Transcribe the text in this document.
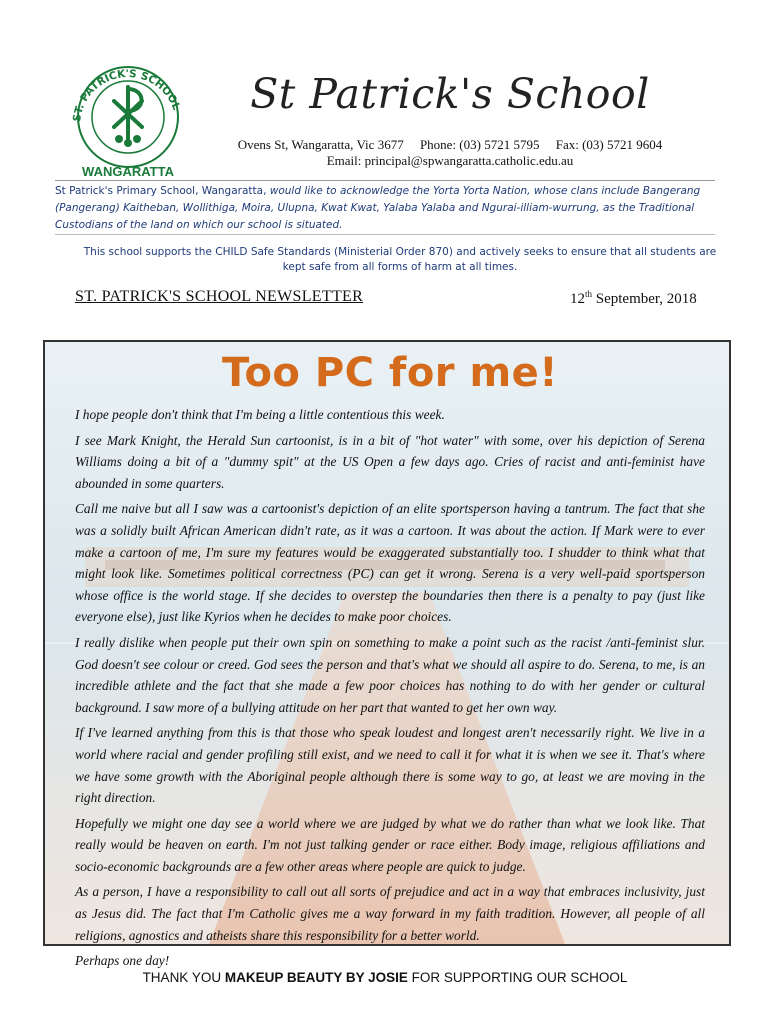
ST. PATRICK'S SCHOOL
WANGARATTA
St Patrick's School
Ovens St, Wangaratta, Vic 3677     Phone: (03) 5721 5795     Fax: (03) 5721 9604
Email: principal@spwangaratta.catholic.edu.au
St Patrick's Primary School, Wangaratta, would like to acknowledge the Yorta Yorta Nation, whose clans include Bangerang (Pangerang) Kaitheban, Wollithiga, Moira, Ulupna, Kwat Kwat, Yalaba Yalaba and Ngurai-illiam-wurrung, as the Traditional Custodians of the land on which our school is situated.
This school supports the CHILD Safe Standards (Ministerial Order 870) and actively seeks to ensure that all students are kept safe from all forms of harm at all times.
ST. PATRICK'S SCHOOL NEWSLETTER	12th September, 2018
Too PC for me!

I hope people don't think that I'm being a little contentious this week.

I see Mark Knight, the Herald Sun cartoonist, is in a bit of "hot water" with some, over his depiction of Serena Williams doing a bit of a "dummy spit" at the US Open a few days ago. Cries of racist and anti-feminist have abounded in some quarters.

Call me naive but all I saw was a cartoonist's depiction of an elite sportsperson having a tantrum. The fact that she was a solidly built African American didn't rate, as it was a cartoon. It was about the action. If Mark were to ever make a cartoon of me, I'm sure my features would be exaggerated substantially too. I shudder to think what that might look like. Sometimes political correctness (PC) can get it wrong. Serena is a very well-paid sportsperson whose office is the world stage. If she decides to overstep the boundaries then there is a penalty to pay (just like everyone else), just like Kyrios when he decides to make poor choices.

I really dislike when people put their own spin on something to make a point such as the racist /anti-feminist slur. God doesn't see colour or creed. God sees the person and that's what we should all aspire to do. Serena, to me, is an incredible athlete and the fact that she made a few poor choices has nothing to do with her gender or cultural background. I saw more of a bullying attitude on her part that wanted to get her own way.

If I've learned anything from this is that those who speak loudest and longest aren't necessarily right. We live in a world where racial and gender profiling still exist, and we need to call it for what it is when we see it. That's where we have some growth with the Aboriginal people although there is some way to go, at least we are moving in the right direction.

Hopefully we might one day see a world where we are judged by what we do rather than what we look like. That really would be heaven on earth. I'm not just talking gender or race either. Body image, religious affiliations and socio-economic backgrounds are a few other areas where people are quick to judge.

As a person, I have a responsibility to call out all sorts of prejudice and act in a way that embraces inclusivity, just as Jesus did. The fact that I'm Catholic gives me a way forward in my faith tradition. However, all people of all religions, agnostics and atheists share this responsibility for a better world.

Perhaps one day!

THANK YOU MAKEUP BEAUTY BY JOSIE FOR SUPPORTING OUR SCHOOL
